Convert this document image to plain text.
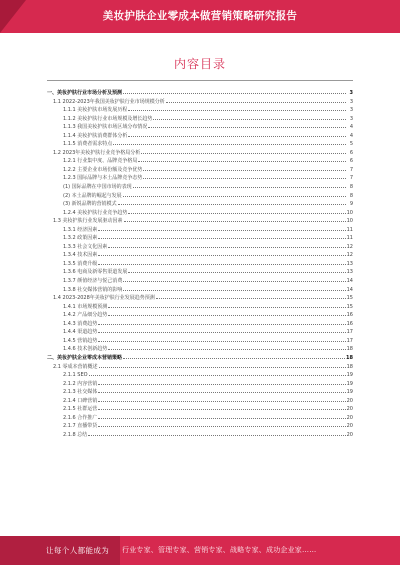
美妆护肤企业零成本做营销策略研究报告
内容目录
一、美妆护肤行业市场分析及预测	3
1.1 2022-2023年我国美妆护肤行业市场规模分析	3
1.1.1 美妆护肤市场发展历程	3
1.1.2 美妆护肤行业市场规模及增长趋势	3
1.1.3 我国美妆护肤市场区域分布情况	4
1.1.4 美妆护肤消费群体分析	4
1.1.5 消费者需求特点	5
1.2 2023年美妆护肤行业竞争格局分析	6
1.2.1 行业集中度、品牌竞争格局	6
1.2.2 主要企业市场份额及竞争优势	7
1.2.3 国际品牌与本土品牌竞争态势	7
(1) 国际品牌在中国市场的表现	8
(2) 本土品牌的崛起与发展	8
(3) 新锐品牌的营销模式	9
1.2.4 美妆护肤行业竞争趋势	10
1.3 美妆护肤行业发展驱动因素	10
1.3.1 经济因素	11
1.3.2 政策因素	11
1.3.3 社会文化因素	12
1.3.4 技术因素	12
1.3.5 消费升级	13
1.3.6 电商及新零售渠道发展	13
1.3.7 颜值经济与悦己消费	14
1.3.8 社交媒体营销的影响	14
1.4 2023-2028年美妆护肤行业发展趋势预测	15
1.4.1 市场规模预测	15
1.4.2 产品细分趋势	16
1.4.3 消费趋势	16
1.4.4 渠道趋势	17
1.4.5 营销趋势	17
1.4.6 技术创新趋势	18
二、美妆护肤企业零成本营销策略	18
2.1 零成本营销概述	18
2.1.1 SEO	19
2.1.2 内容营销	19
2.1.3 社交媒体	19
2.1.4 口碑营销	20
2.1.5 社群运营	20
2.1.6 合作推广	20
2.1.7 直播带货	20
2.1.8 总结	20
让每个人都能成为 行业专家、管理专家、营销专家、战略专家、成功企业家……
